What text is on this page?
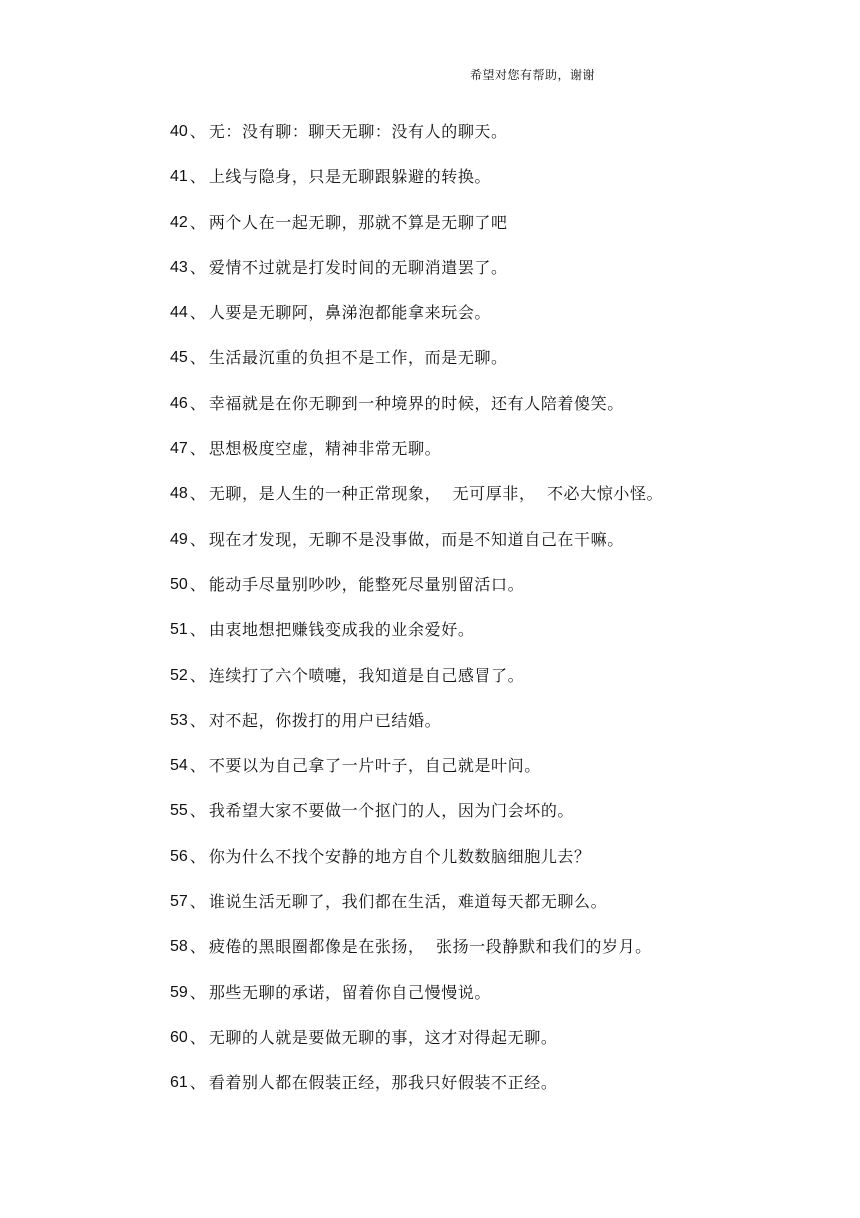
希望对您有帮助，谢谢
40 、 无：没有聊：聊天无聊：没有人的聊天。
41 、 上线与隐身，只是无聊跟躲避的转换。
42 、 两个人在一起无聊，那就不算是无聊了吧
43 、 爱情不过就是打发时间的无聊消遣罢了。
44 、 人要是无聊阿，鼻涕泡都能拿来玩会。
45 、 生活最沉重的负担不是工作，而是无聊。
46 、 幸福就是在你无聊到一种境界的时候，还有人陪着傻笑。
47 、 思想极度空虚，精神非常无聊。
48 、 无聊，是人生的一种正常现象，  无可厚非，  不必大惊小怪。
49 、 现在才发现，无聊不是没事做，而是不知道自己在干嘛。
50 、 能动手尽量别吵吵，能整死尽量别留活口。
51 、 由衷地想把赚钱变成我的业余爱好。
52 、 连续打了六个喷嚏，我知道是自己感冒了。
53 、 对不起，你拨打的用户已结婚。
54 、 不要以为自己拿了一片叶子，自己就是叶问。
55 、 我希望大家不要做一个抠门的人，因为门会坏的。
56 、 你为什么不找个安静的地方自个儿数数脑细胞儿去？
57 、 谁说生活无聊了，我们都在生活，难道每天都无聊么。
58 、 疲倦的黑眼圈都像是在张扬，  张扬一段静默和我们的岁月。
59 、 那些无聊的承诺，留着你自己慢慢说。
60 、 无聊的人就是要做无聊的事，这才对得起无聊。
61 、 看着别人都在假装正经，那我只好假装不正经。
